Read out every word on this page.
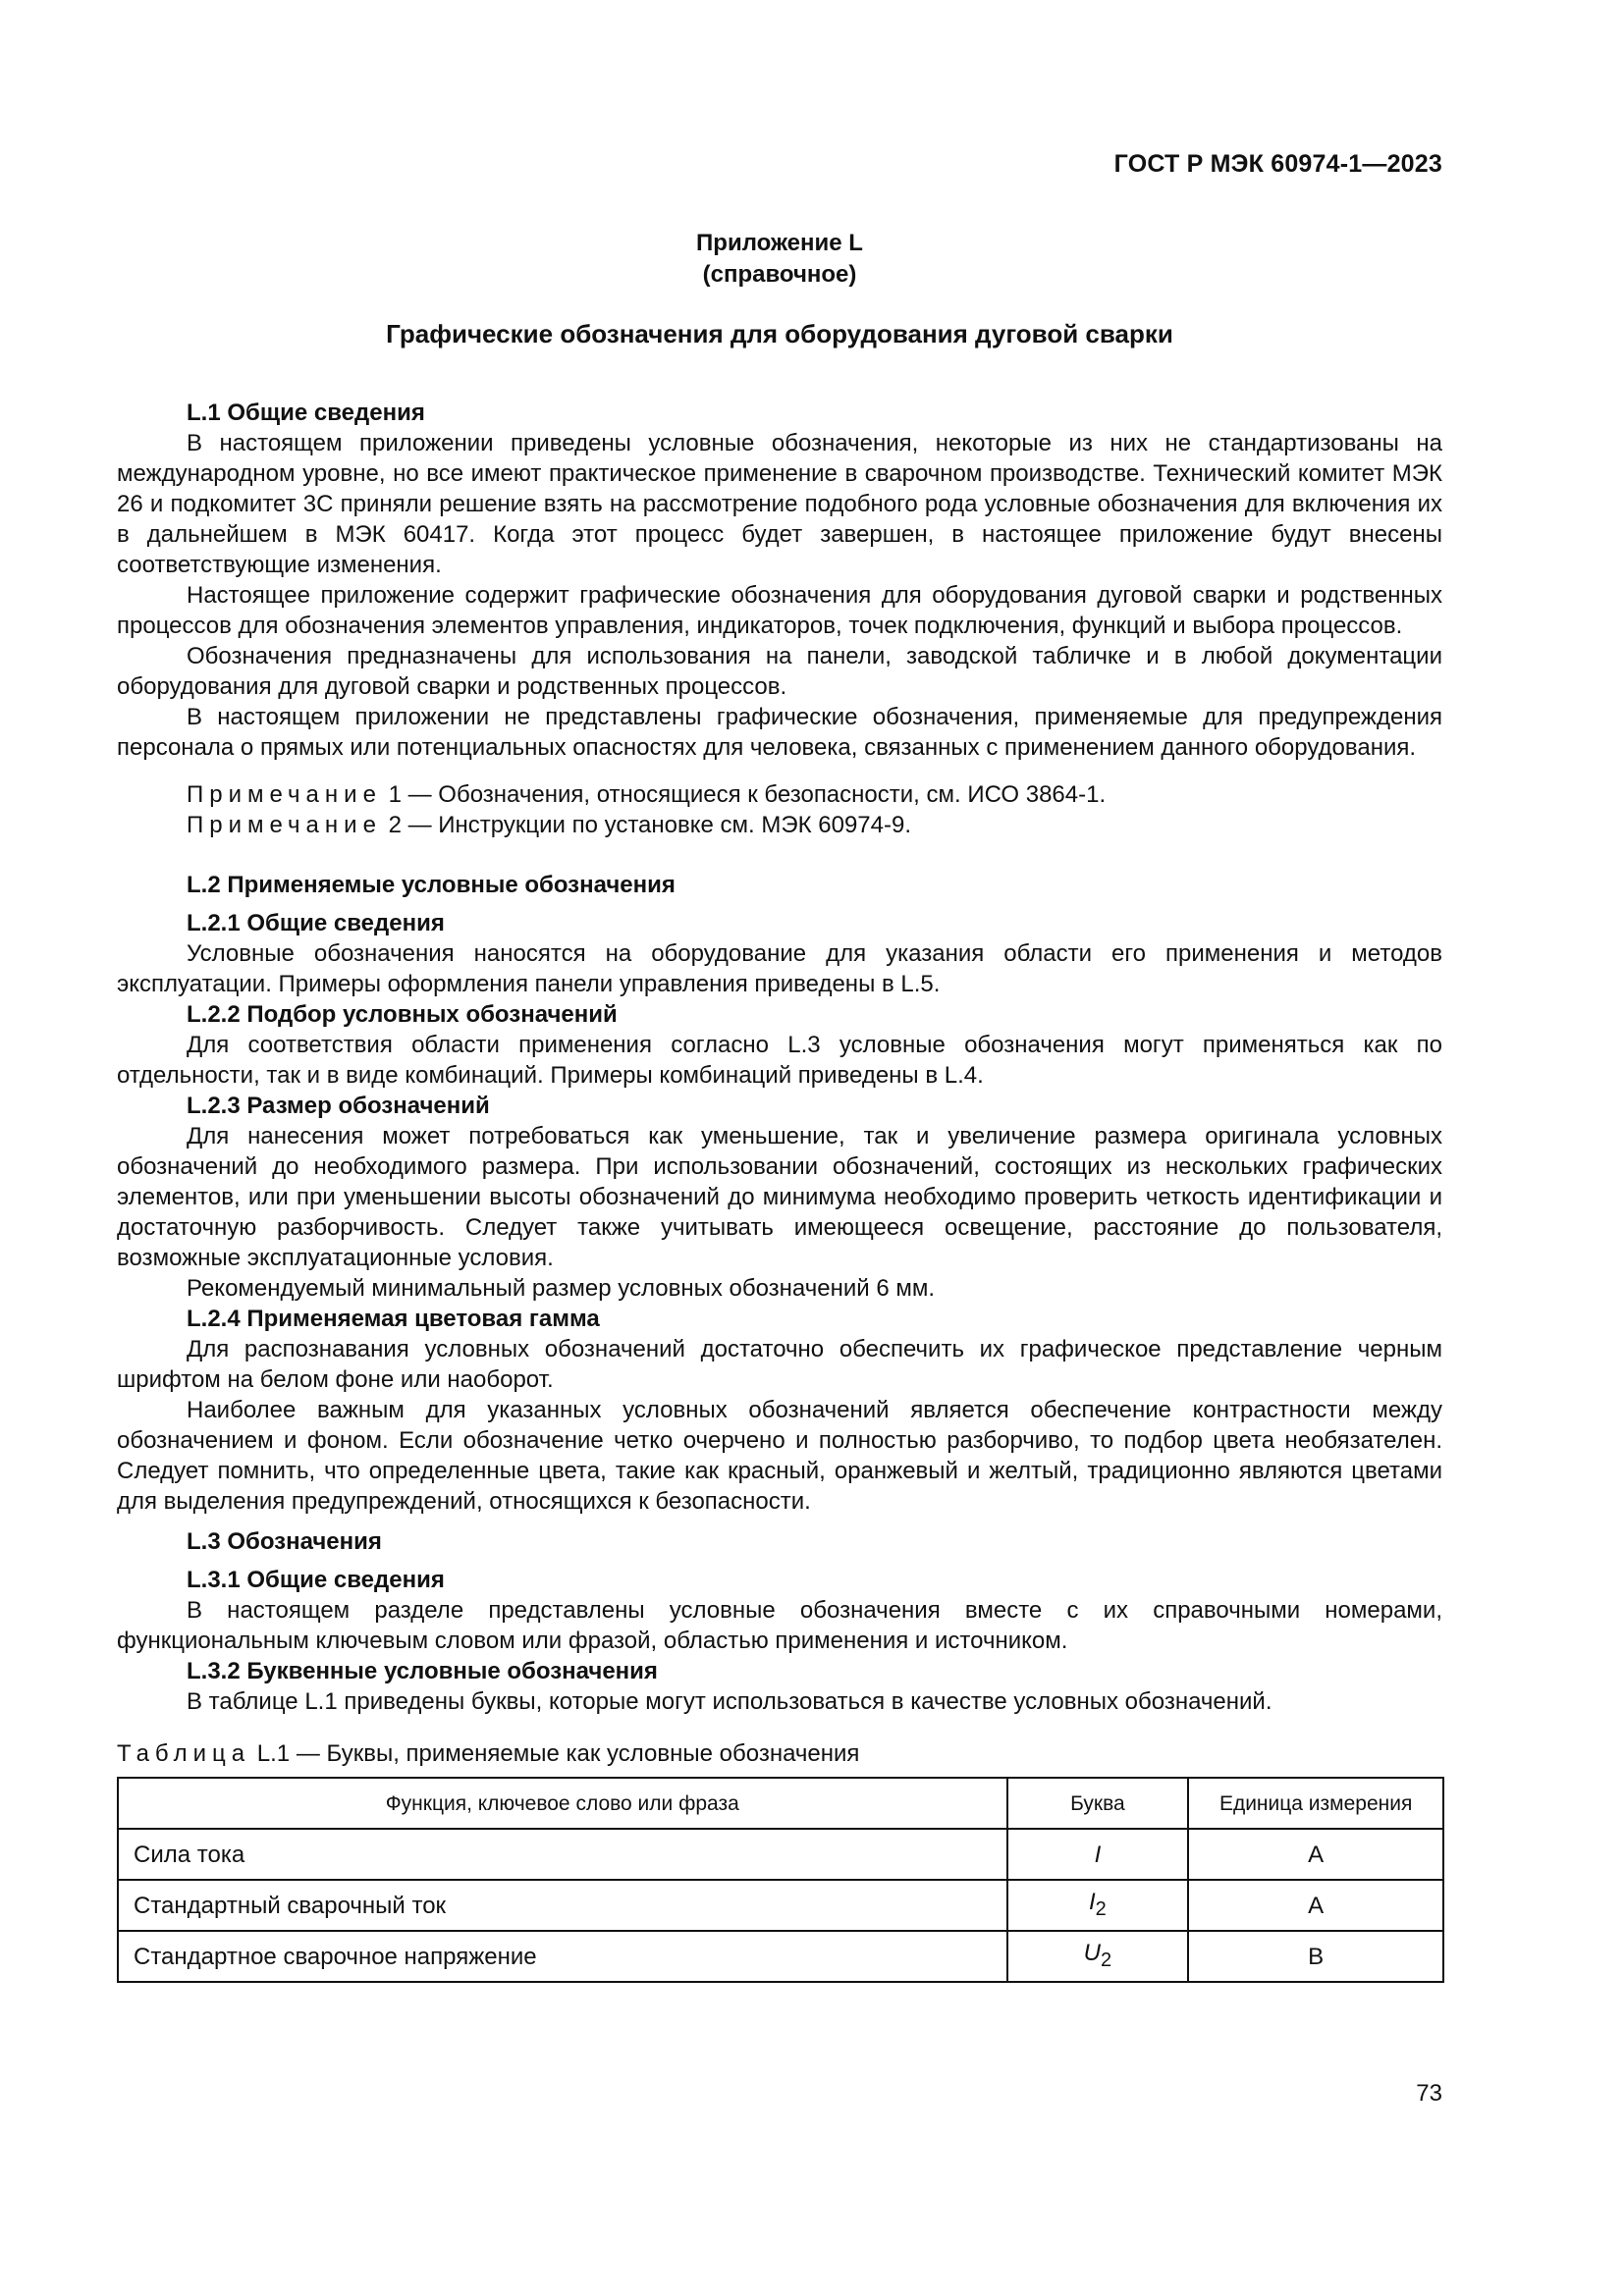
ГОСТ Р МЭК 60974-1—2023
Приложение L
(справочное)
Графические обозначения для оборудования дуговой сварки
L.1 Общие сведения

В настоящем приложении приведены условные обозначения, некоторые из них не стандартизованы на международном уровне, но все имеют практическое применение в сварочном производстве. Технический комитет МЭК 26 и подкомитет 3С приняли решение взять на рассмотрение подобного рода условные обозначения для включения их в дальнейшем в МЭК 60417. Когда этот процесс будет завершен, в настоящее приложение будут внесены соответствующие изменения.

Настоящее приложение содержит графические обозначения для оборудования дуговой сварки и родственных процессов для обозначения элементов управления, индикаторов, точек подключения, функций и выбора процессов.

Обозначения предназначены для использования на панели, заводской табличке и в любой документации оборудования для дуговой сварки и родственных процессов.

В настоящем приложении не представлены графические обозначения, применяемые для предупреждения персонала о прямых или потенциальных опасностях для человека, связанных с применением данного оборудования.

Примечание 1 — Обозначения, относящиеся к безопасности, см. ИСО 3864-1.

Примечание 2 — Инструкции по установке см. МЭК 60974-9.

L.2 Применяемые условные обозначения
L.2.1 Общие сведения

Условные обозначения наносятся на оборудование для указания области его применения и методов эксплуатации. Примеры оформления панели управления приведены в L.5.

L.2.2 Подбор условных обозначений

Для соответствия области применения согласно L.3 условные обозначения могут применяться как по отдельности, так и в виде комбинаций. Примеры комбинаций приведены в L.4.

L.2.3 Размер обозначений

Для нанесения может потребоваться как уменьшение, так и увеличение размера оригинала условных обозначений до необходимого размера. При использовании обозначений, состоящих из нескольких графических элементов, или при уменьшении высоты обозначений до минимума необходимо проверить четкость идентификации и достаточную разборчивость. Следует также учитывать имеющееся освещение, расстояние до пользователя, возможные эксплуатационные условия.

Рекомендуемый минимальный размер условных обозначений 6 мм.

L.2.4 Применяемая цветовая гамма

Для распознавания условных обозначений достаточно обеспечить их графическое представление черным шрифтом на белом фоне или наоборот.

Наиболее важным для указанных условных обозначений является обеспечение контрастности между обозначением и фоном. Если обозначение четко очерчено и полностью разборчиво, то подбор цвета необязателен. Следует помнить, что определенные цвета, такие как красный, оранжевый и желтый, традиционно являются цветами для выделения предупреждений, относящихся к безопасности.

L.3 Обозначения
L.3.1 Общие сведения

В настоящем разделе представлены условные обозначения вместе с их справочными номерами, функциональным ключевым словом или фразой, областью применения и источником.

L.3.2 Буквенные условные обозначения

В таблице L.1 приведены буквы, которые могут использоваться в качестве условных обозначений.

Таблица L.1 — Буквы, применяемые как условные обозначения
Функция, ключевое слово или фраза	Буква	Единица измерения
Сила тока	I	А
Стандартный сварочный ток	$I_2$	А
Стандартное сварочное напряжение	$U_2$	В
73
